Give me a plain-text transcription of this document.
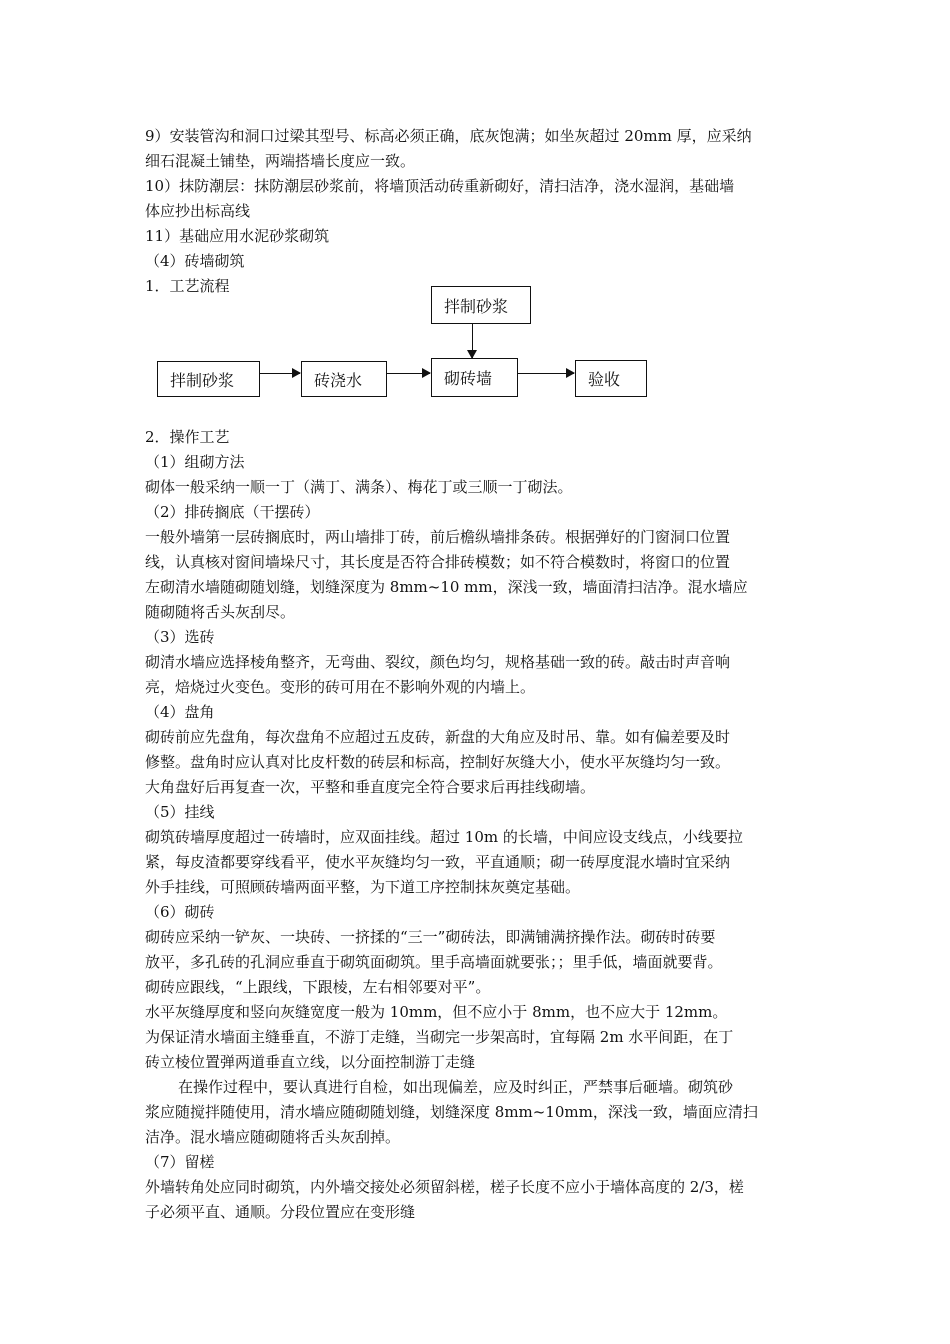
9）安装管沟和洞口过梁其型号、标高必须正确，底灰饱满；如坐灰超过 20mm 厚，应采纳
细石混凝土铺垫，两端搭墙长度应一致。
10）抹防潮层：抹防潮层砂浆前，将墙顶活动砖重新砌好，清扫洁净，浇水湿润，基础墙
体应抄出标高线
11）基础应用水泥砂浆砌筑
（4）砖墙砌筑
1．工艺流程
拌制砂浆
拌制砂浆	砖浇水	砌砖墙	验收
2．操作工艺
（1）组砌方法
砌体一般采纳一顺一丁（满丁、满条）、梅花丁或三顺一丁砌法。
（2）排砖搁底（干摆砖）
一般外墙第一层砖搁底时，两山墙排丁砖，前后檐纵墙排条砖。根据弹好的门窗洞口位置
线，认真核对窗间墙垛尺寸，其长度是否符合排砖模数；如不符合模数时，将窗口的位置
左砌清水墙随砌随划缝，划缝深度为 8mm~10 mm，深浅一致，墙面清扫洁净。混水墙应
随砌随将舌头灰刮尽。
（3）选砖
砌清水墙应选择棱角整齐，无弯曲、裂纹，颜色均匀，规格基础一致的砖。敲击时声音响
亮，焙烧过火变色。变形的砖可用在不影响外观的内墙上。
（4）盘角
砌砖前应先盘角，每次盘角不应超过五皮砖，新盘的大角应及时吊、靠。如有偏差要及时
修整。盘角时应认真对比皮杆数的砖层和标高，控制好灰缝大小，使水平灰缝均匀一致。
大角盘好后再复查一次，平整和垂直度完全符合要求后再挂线砌墙。
（5）挂线
砌筑砖墙厚度超过一砖墙时，应双面挂线。超过 10m 的长墙，中间应设支线点，小线要拉
紧，每皮渣都要穿线看平，使水平灰缝均匀一致，平直通顺；砌一砖厚度混水墙时宜采纳
外手挂线，可照顾砖墙两面平整，为下道工序控制抹灰奠定基础。
（6）砌砖
砌砖应采纳一铲灰、一块砖、一挤揉的“三一”砌砖法，即满铺满挤操作法。砌砖时砖要
放平，多孔砖的孔洞应垂直于砌筑面砌筑。里手高墙面就要张；；里手低，墙面就要背。
砌砖应跟线，“上跟线，下跟棱，左右相邻要对平”。
水平灰缝厚度和竖向灰缝宽度一般为 10mm，但不应小于 8mm，也不应大于 12mm。
为保证清水墙面主缝垂直，不游丁走缝，当砌完一步架高时，宜每隔 2m 水平间距，在丁
砖立棱位置弹两道垂直立线，以分面控制游丁走缝
在操作过程中，要认真进行自检，如出现偏差，应及时纠正，严禁事后砸墙。砌筑砂
浆应随搅拌随使用，清水墙应随砌随划缝，划缝深度 8mm~10mm，深浅一致，墙面应清扫
洁净。混水墙应随砌随将舌头灰刮掉。
（7）留槎
外墙转角处应同时砌筑，内外墙交接处必须留斜槎，槎子长度不应小于墙体高度的 2/3，槎
子必须平直、通顺。分段位置应在变形缝
